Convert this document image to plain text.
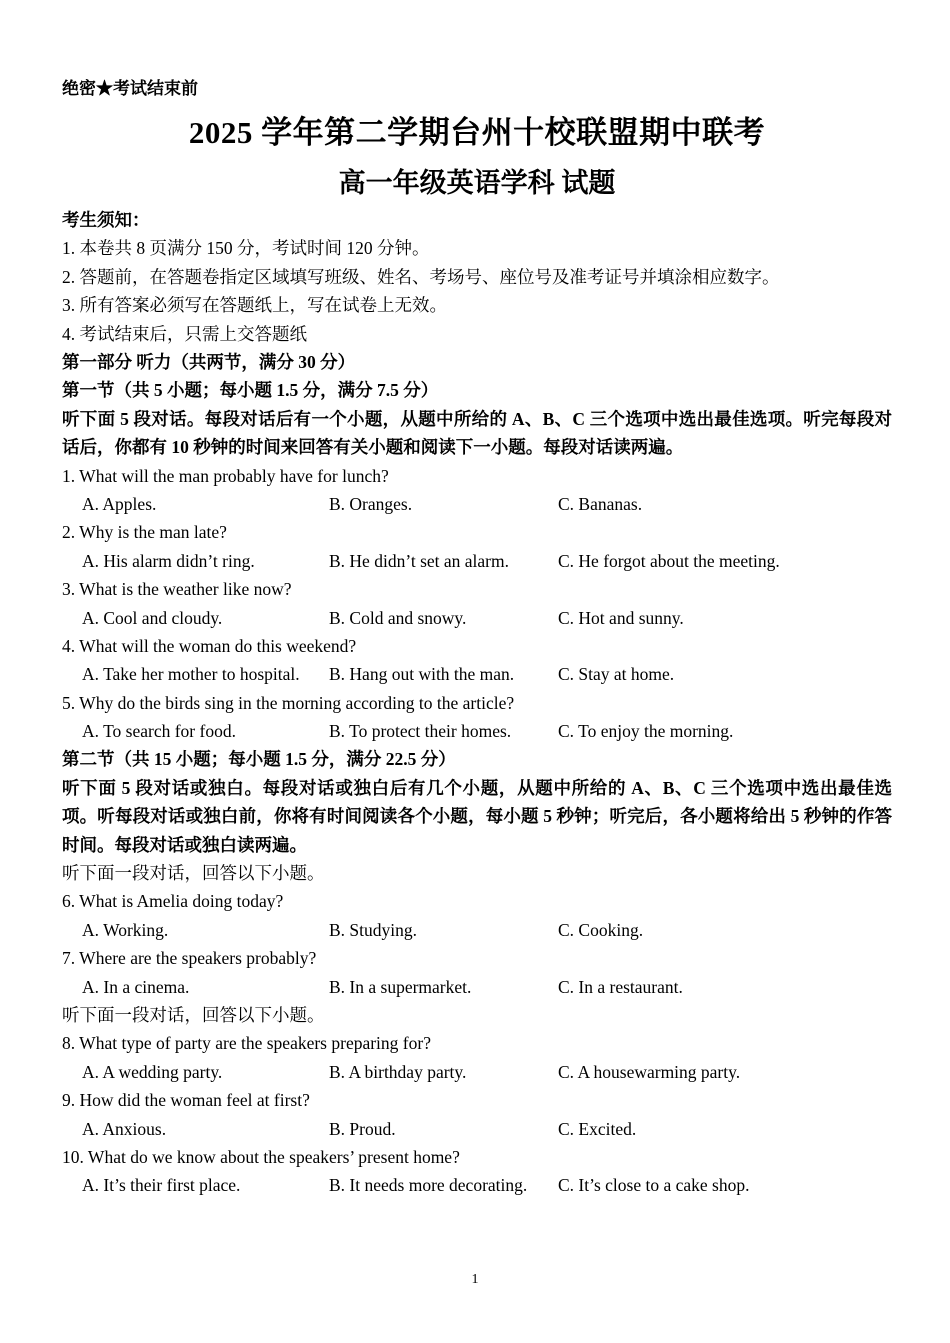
绝密★考试结束前
2025 学年第二学期台州十校联盟期中联考
高一年级英语学科 试题
考生须知：
1. 本卷共 8 页满分 150 分，考试时间 120 分钟。
2. 答题前，在答题卷指定区域填写班级、姓名、考场号、座位号及准考证号并填涂相应数字。
3. 所有答案必须写在答题纸上，写在试卷上无效。
4. 考试结束后，只需上交答题纸
第一部分 听力（共两节，满分 30 分）
第一节（共 5 小题；每小题 1.5 分，满分 7.5 分）
听下面 5 段对话。每段对话后有一个小题，从题中所给的 A、B、C 三个选项中选出最佳选项。听完每段对话后，你都有 10 秒钟的时间来回答有关小题和阅读下一小题。每段对话读两遍。
1. What will the man probably have for lunch?
A. Apples.	B. Oranges.	C. Bananas.
2. Why is the man late?
A. His alarm didn’t ring.	B. He didn’t set an alarm.	C. He forgot about the meeting.
3. What is the weather like now?
A. Cool and cloudy.	B. Cold and snowy.	C. Hot and sunny.
4. What will the woman do this weekend?
A. Take her mother to hospital.	B. Hang out with the man.	C. Stay at home.
5. Why do the birds sing in the morning according to the article?
A. To search for food.	B. To protect their homes.	C. To enjoy the morning.
第二节（共 15 小题；每小题 1.5 分，满分 22.5 分）
听下面 5 段对话或独白。每段对话或独白后有几个小题，从题中所给的 A、B、C 三个选项中选出最佳选项。听每段对话或独白前，你将有时间阅读各个小题，每小题 5 秒钟；听完后，各小题将给出 5 秒钟的作答时间。每段对话或独白读两遍。
听下面一段对话，回答以下小题。
6. What is Amelia doing today?
A. Working.	B. Studying.	C. Cooking.
7. Where are the speakers probably?
A. In a cinema.	B. In a supermarket.	C. In a restaurant.
听下面一段对话，回答以下小题。
8. What type of party are the speakers preparing for?
A. A wedding party.	B. A birthday party.	C. A housewarming party.
9. How did the woman feel at first?
A. Anxious.	B. Proud.	C. Excited.
10. What do we know about the speakers’ present home?
A. It’s their first place.	B. It needs more decorating.	C. It’s close to a cake shop.
1
